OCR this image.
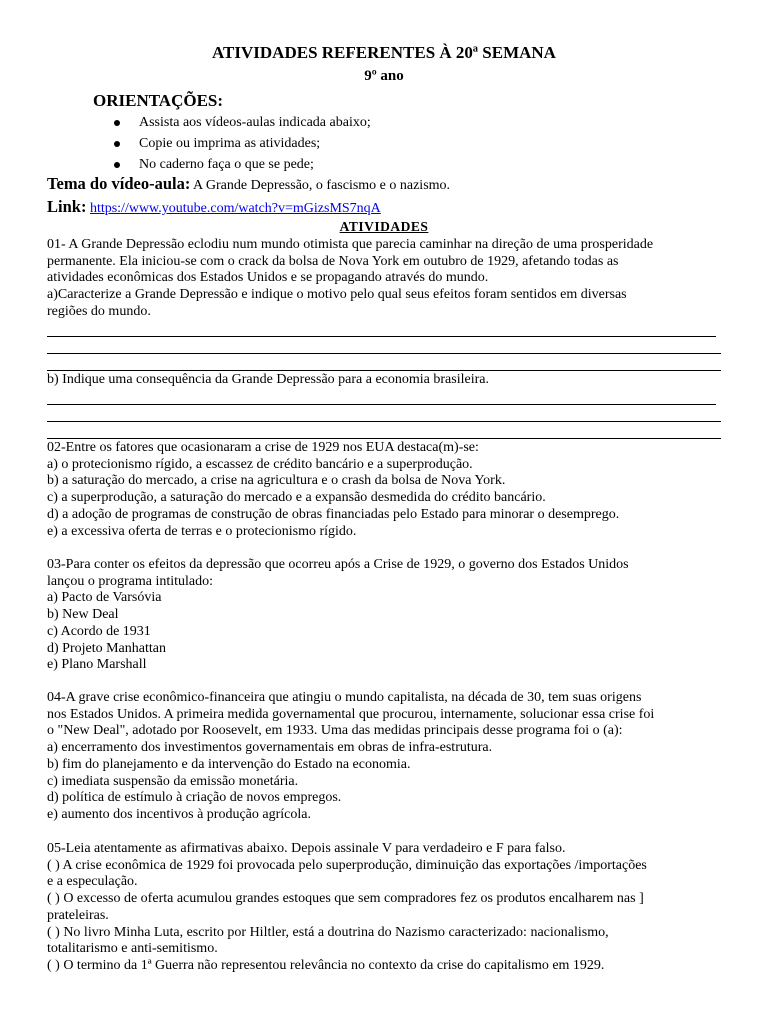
ATIVIDADES REFERENTES À 20ª SEMANA
9º ano
ORIENTAÇÕES:
Assista aos vídeos-aulas indicada abaixo;
Copie ou imprima as atividades;
No caderno faça o que se pede;
Tema do vídeo-aula: A Grande Depressão, o fascismo e o nazismo.
Link: https://www.youtube.com/watch?v=mGizsMS7nqA
ATIVIDADES

01- A Grande Depressão eclodiu num mundo otimista que parecia caminhar na direção de uma prosperidade

permanente. Ela iniciou-se com o crack da bolsa de Nova York em outubro de 1929, afetando todas as

atividades econômicas dos Estados Unidos e se propagando através do mundo.

a)Caracterize a Grande Depressão e indique o motivo pelo qual seus efeitos foram sentidos em diversas

regiões do mundo.

b) Indique uma consequência da Grande Depressão para a economia brasileira.

02-Entre os fatores que ocasionaram a crise de 1929 nos EUA destaca(m)-se:

a) o protecionismo rígido, a escassez de crédito bancário e a superprodução.

b) a saturação do mercado, a crise na agricultura e o crash da bolsa de Nova York.

c) a superprodução, a saturação do mercado e a expansão desmedida do crédito bancário.

d) a adoção de programas de construção de obras financiadas pelo Estado para minorar o desemprego.

e) a excessiva oferta de terras e o protecionismo rígido.

03-Para conter os efeitos da depressão que ocorreu após a Crise de 1929, o governo dos Estados Unidos

lançou o programa intitulado:

a) Pacto de Varsóvia

b) New Deal

c) Acordo de 1931

d) Projeto Manhattan

e) Plano Marshall

04-A grave crise econômico-financeira que atingiu o mundo capitalista, na década de 30, tem suas origens

nos Estados Unidos. A primeira medida governamental que procurou, internamente, solucionar essa crise foi

o "New Deal", adotado por Roosevelt, em 1933. Uma das medidas principais desse programa foi o (a):

a) encerramento dos investimentos governamentais em obras de infra-estrutura.

b) fim do planejamento e da intervenção do Estado na economia.

c) imediata suspensão da emissão monetária.

d) política de estímulo à criação de novos empregos.

e) aumento dos incentivos à produção agrícola.

05-Leia atentamente as afirmativas abaixo. Depois assinale V para verdadeiro e F para falso.

( ) A crise econômica de 1929 foi provocada pelo superprodução, diminuição das exportações /importações

e a especulação.

( ) O excesso de oferta acumulou grandes estoques que sem compradores fez os produtos encalharem nas ]

prateleiras.

( ) No livro Minha Luta, escrito por Hiltler, está a doutrina do Nazismo caracterizado: nacionalismo,

totalitarismo e anti-semitismo.

( ) O termino da 1ª Guerra não representou relevância no contexto da crise do capitalismo em 1929.
